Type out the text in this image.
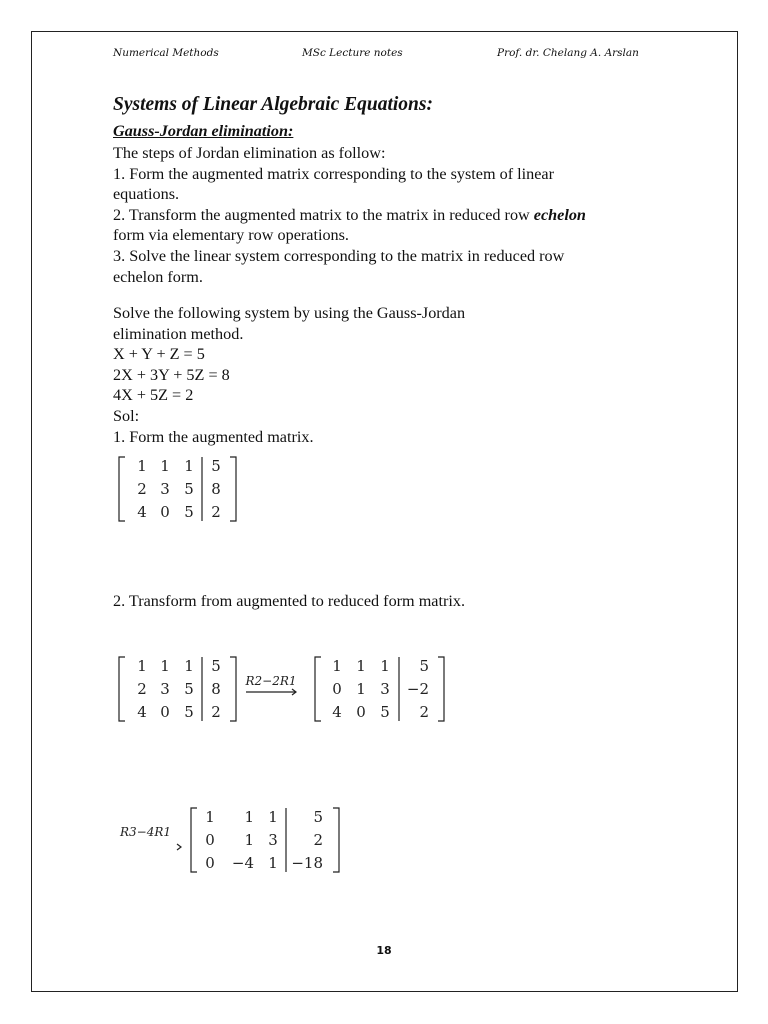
Numerical Methods	MSc Lecture notes	Prof. dr. Chelang A. Arslan
Systems of Linear Algebraic Equations:
Gauss-Jordan elimination:
The steps of Jordan elimination as follow:
1. Form the augmented matrix corresponding to the system of linear
equations.
2. Transform the augmented matrix to the matrix in reduced row echelon
form via elementary row operations.
3. Solve the linear system corresponding to the matrix in reduced row
echelon form.
Solve the following system by using the Gauss-Jordan
elimination method.
X + Y + Z = 5
2X + 3Y + 5Z = 8
4X + 5Z = 2
Sol:
1. Form the augmented matrix.
1 1 1 5
2 3 5 8
4 0 5 2
2. Transform from augmented to reduced form matrix.
1 1 1 5
2 3 5 8
4 0 5 2
R2−2R1
1 1 1 5
0 1 3 −2
4 0 5 2
R3−4R1
1 1 1 5
0 1 3 2
0 −4 1 −18
18
